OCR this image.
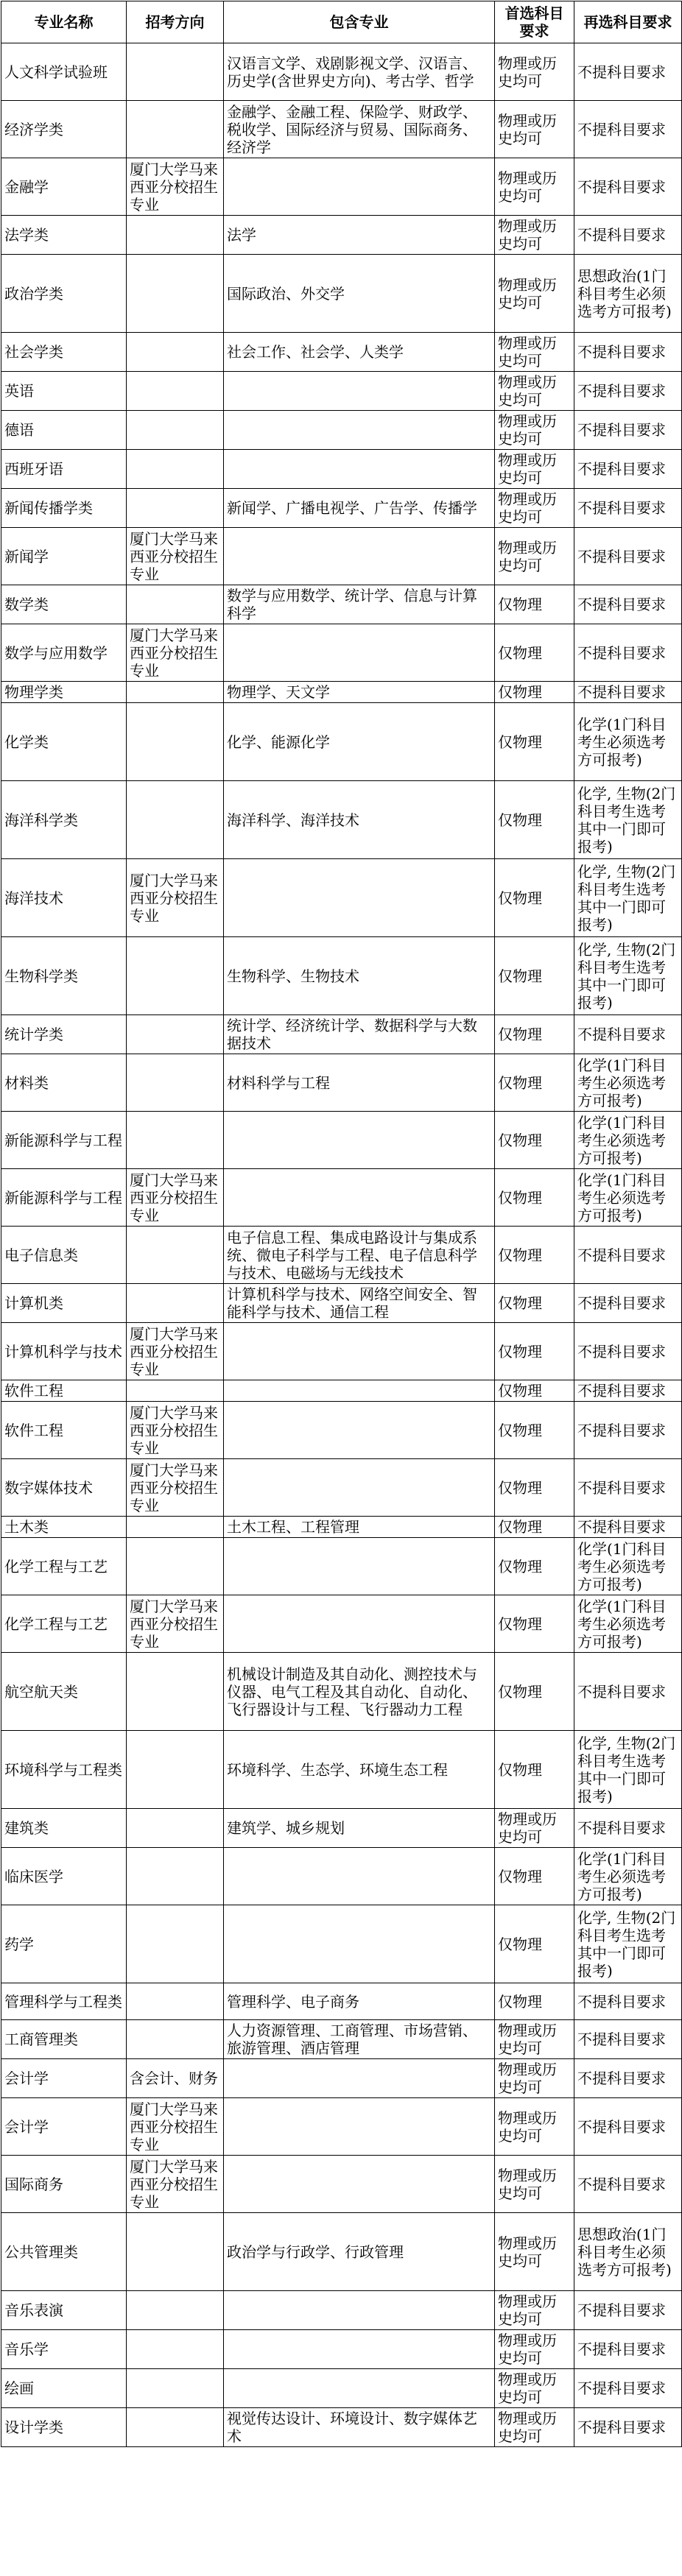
专业名称	招考方向	包含专业	首选科目要求	再选科目要求
人文科学试验班		汉语言文学、戏剧影视文学、汉语言、历史学(含世界史方向)、考古学、哲学	物理或历史均可	不提科目要求
经济学类		金融学、金融工程、保险学、财政学、税收学、国际经济与贸易、国际商务、经济学	物理或历史均可	不提科目要求
金融学	厦门大学马来西亚分校招生专业		物理或历史均可	不提科目要求
法学类		法学	物理或历史均可	不提科目要求
政治学类		国际政治、外交学	物理或历史均可	思想政治(1门科目考生必须选考方可报考)
社会学类		社会工作、社会学、人类学	物理或历史均可	不提科目要求
英语			物理或历史均可	不提科目要求
德语			物理或历史均可	不提科目要求
西班牙语			物理或历史均可	不提科目要求
新闻传播学类		新闻学、广播电视学、广告学、传播学	物理或历史均可	不提科目要求
新闻学	厦门大学马来西亚分校招生专业		物理或历史均可	不提科目要求
数学类		数学与应用数学、统计学、信息与计算科学	仅物理	不提科目要求
数学与应用数学	厦门大学马来西亚分校招生专业		仅物理	不提科目要求
物理学类		物理学、天文学	仅物理	不提科目要求
化学类		化学、能源化学	仅物理	化学(1门科目考生必须选考方可报考)
海洋科学类		海洋科学、海洋技术	仅物理	化学, 生物(2门科目考生选考其中一门即可报考)
海洋技术	厦门大学马来西亚分校招生专业		仅物理	化学, 生物(2门科目考生选考其中一门即可报考)
生物科学类		生物科学、生物技术	仅物理	化学, 生物(2门科目考生选考其中一门即可报考)
统计学类		统计学、经济统计学、数据科学与大数据技术	仅物理	不提科目要求
材料类		材料科学与工程	仅物理	化学(1门科目考生必须选考方可报考)
新能源科学与工程			仅物理	化学(1门科目考生必须选考方可报考)
新能源科学与工程	厦门大学马来西亚分校招生专业		仅物理	化学(1门科目考生必须选考方可报考)
电子信息类		电子信息工程、集成电路设计与集成系统、微电子科学与工程、电子信息科学与技术、电磁场与无线技术	仅物理	不提科目要求
计算机类		计算机科学与技术、网络空间安全、智能科学与技术、通信工程	仅物理	不提科目要求
计算机科学与技术	厦门大学马来西亚分校招生专业		仅物理	不提科目要求
软件工程			仅物理	不提科目要求
软件工程	厦门大学马来西亚分校招生专业		仅物理	不提科目要求
数字媒体技术	厦门大学马来西亚分校招生专业		仅物理	不提科目要求
土木类		土木工程、工程管理	仅物理	不提科目要求
化学工程与工艺			仅物理	化学(1门科目考生必须选考方可报考)
化学工程与工艺	厦门大学马来西亚分校招生专业		仅物理	化学(1门科目考生必须选考方可报考)
航空航天类		机械设计制造及其自动化、测控技术与仪器、电气工程及其自动化、自动化、飞行器设计与工程、飞行器动力工程	仅物理	不提科目要求
环境科学与工程类		环境科学、生态学、环境生态工程	仅物理	化学, 生物(2门科目考生选考其中一门即可报考)
建筑类		建筑学、城乡规划	物理或历史均可	不提科目要求
临床医学			仅物理	化学(1门科目考生必须选考方可报考)
药学			仅物理	化学, 生物(2门科目考生选考其中一门即可报考)
管理科学与工程类		管理科学、电子商务	仅物理	不提科目要求
工商管理类		人力资源管理、工商管理、市场营销、旅游管理、酒店管理	物理或历史均可	不提科目要求
会计学	含会计、财务		物理或历史均可	不提科目要求
会计学	厦门大学马来西亚分校招生专业		物理或历史均可	不提科目要求
国际商务	厦门大学马来西亚分校招生专业		物理或历史均可	不提科目要求
公共管理类		政治学与行政学、行政管理	物理或历史均可	思想政治(1门科目考生必须选考方可报考)
音乐表演			物理或历史均可	不提科目要求
音乐学			物理或历史均可	不提科目要求
绘画			物理或历史均可	不提科目要求
设计学类		视觉传达设计、环境设计、数字媒体艺术	物理或历史均可	不提科目要求
